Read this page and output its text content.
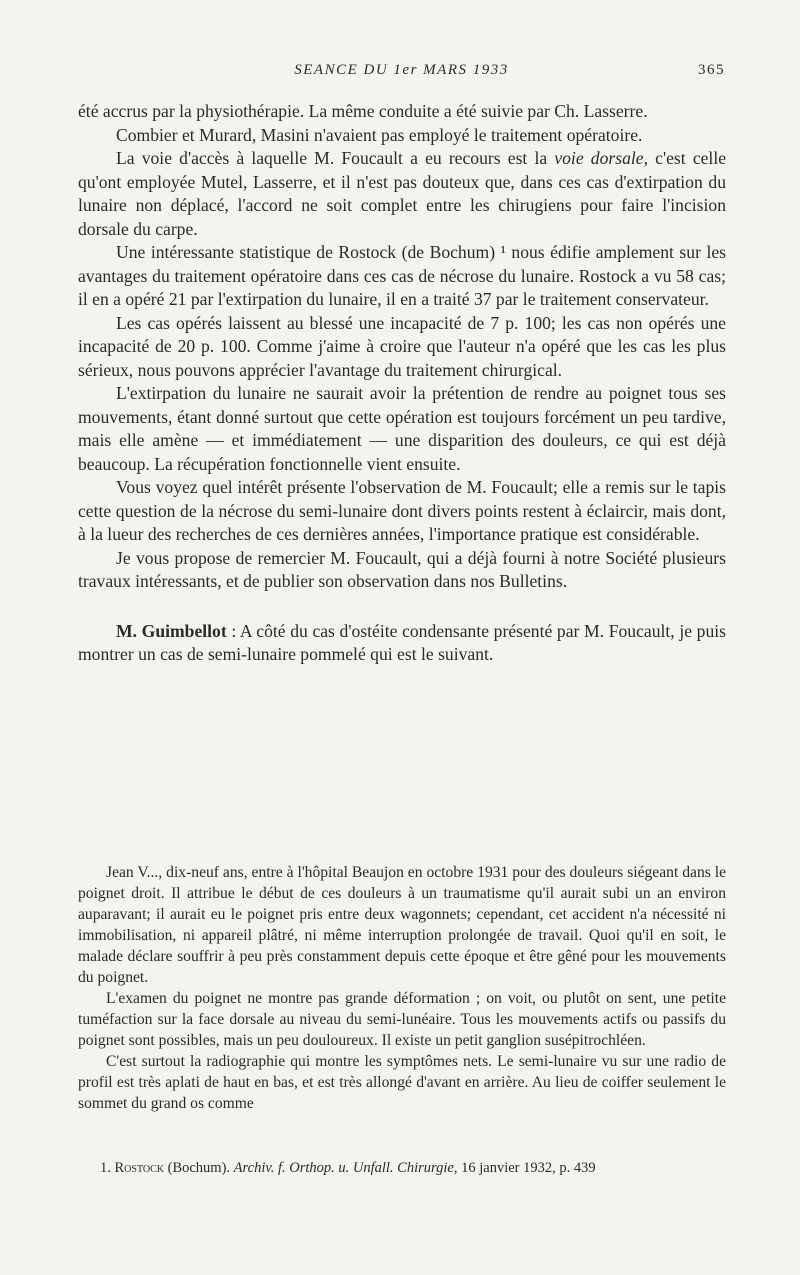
SEANCE DU 1er MARS 1933	365

été accrus par la physiothérapie. La même conduite a été suivie par Ch. Lasserre.

Combier et Murard, Masini n'avaient pas employé le traitement opératoire.

La voie d'accès à laquelle M. Foucault a eu recours est la voie dorsale, c'est celle qu'ont employée Mutel, Lasserre, et il n'est pas douteux que, dans ces cas d'extirpation du lunaire non déplacé, l'accord ne soit complet entre les chirugiens pour faire l'incision dorsale du carpe.

Une intéressante statistique de Rostock (de Bochum) ¹ nous édifie amplement sur les avantages du traitement opératoire dans ces cas de nécrose du lunaire. Rostock a vu 58 cas; il en a opéré 21 par l'extirpation du lunaire, il en a traité 37 par le traitement conservateur.

Les cas opérés laissent au blessé une incapacité de 7 p. 100; les cas non opérés une incapacité de 20 p. 100. Comme j'aime à croire que l'auteur n'a opéré que les cas les plus sérieux, nous pouvons apprécier l'avantage du traitement chirurgical.

L'extirpation du lunaire ne saurait avoir la prétention de rendre au poignet tous ses mouvements, étant donné surtout que cette opération est toujours forcément un peu tardive, mais elle amène — et immédiatement — une disparition des douleurs, ce qui est déjà beaucoup. La récupération fonctionnelle vient ensuite.

Vous voyez quel intérêt présente l'observation de M. Foucault; elle a remis sur le tapis cette question de la nécrose du semi-lunaire dont divers points restent à éclaircir, mais dont, à la lueur des recherches de ces dernières années, l'importance pratique est considérable.

Je vous propose de remercier M. Foucault, qui a déjà fourni à notre Société plusieurs travaux intéressants, et de publier son observation dans nos Bulletins.

M. Guimbellot : A côté du cas d'ostéite condensante présenté par M. Foucault, je puis montrer un cas de semi-lunaire pommelé qui est le suivant.

Jean V..., dix-neuf ans, entre à l'hôpital Beaujon en octobre 1931 pour des douleurs siégeant dans le poignet droit. Il attribue le début de ces douleurs à un traumatisme qu'il aurait subi un an environ auparavant; il aurait eu le poignet pris entre deux wagonnets; cependant, cet accident n'a nécessité ni immobilisation, ni appareil plâtré, ni même interruption prolongée de travail. Quoi qu'il en soit, le malade déclare souffrir à peu près constamment depuis cette époque et être gêné pour les mouvements du poignet.

L'examen du poignet ne montre pas grande déformation ; on voit, ou plutôt on sent, une petite tuméfaction sur la face dorsale au niveau du semi-lunéaire. Tous les mouvements actifs ou passifs du poignet sont possibles, mais un peu douloureux. Il existe un petit ganglion susépitrochléen.

C'est surtout la radiographie qui montre les symptômes nets. Le semi-lunaire vu sur une radio de profil est très aplati de haut en bas, et est très allongé d'avant en arrière. Au lieu de coiffer seulement le sommet du grand os comme

1. Rostock (Bochum). Archiv. f. Orthop. u. Unfall. Chirurgie, 16 janvier 1932, p. 439
